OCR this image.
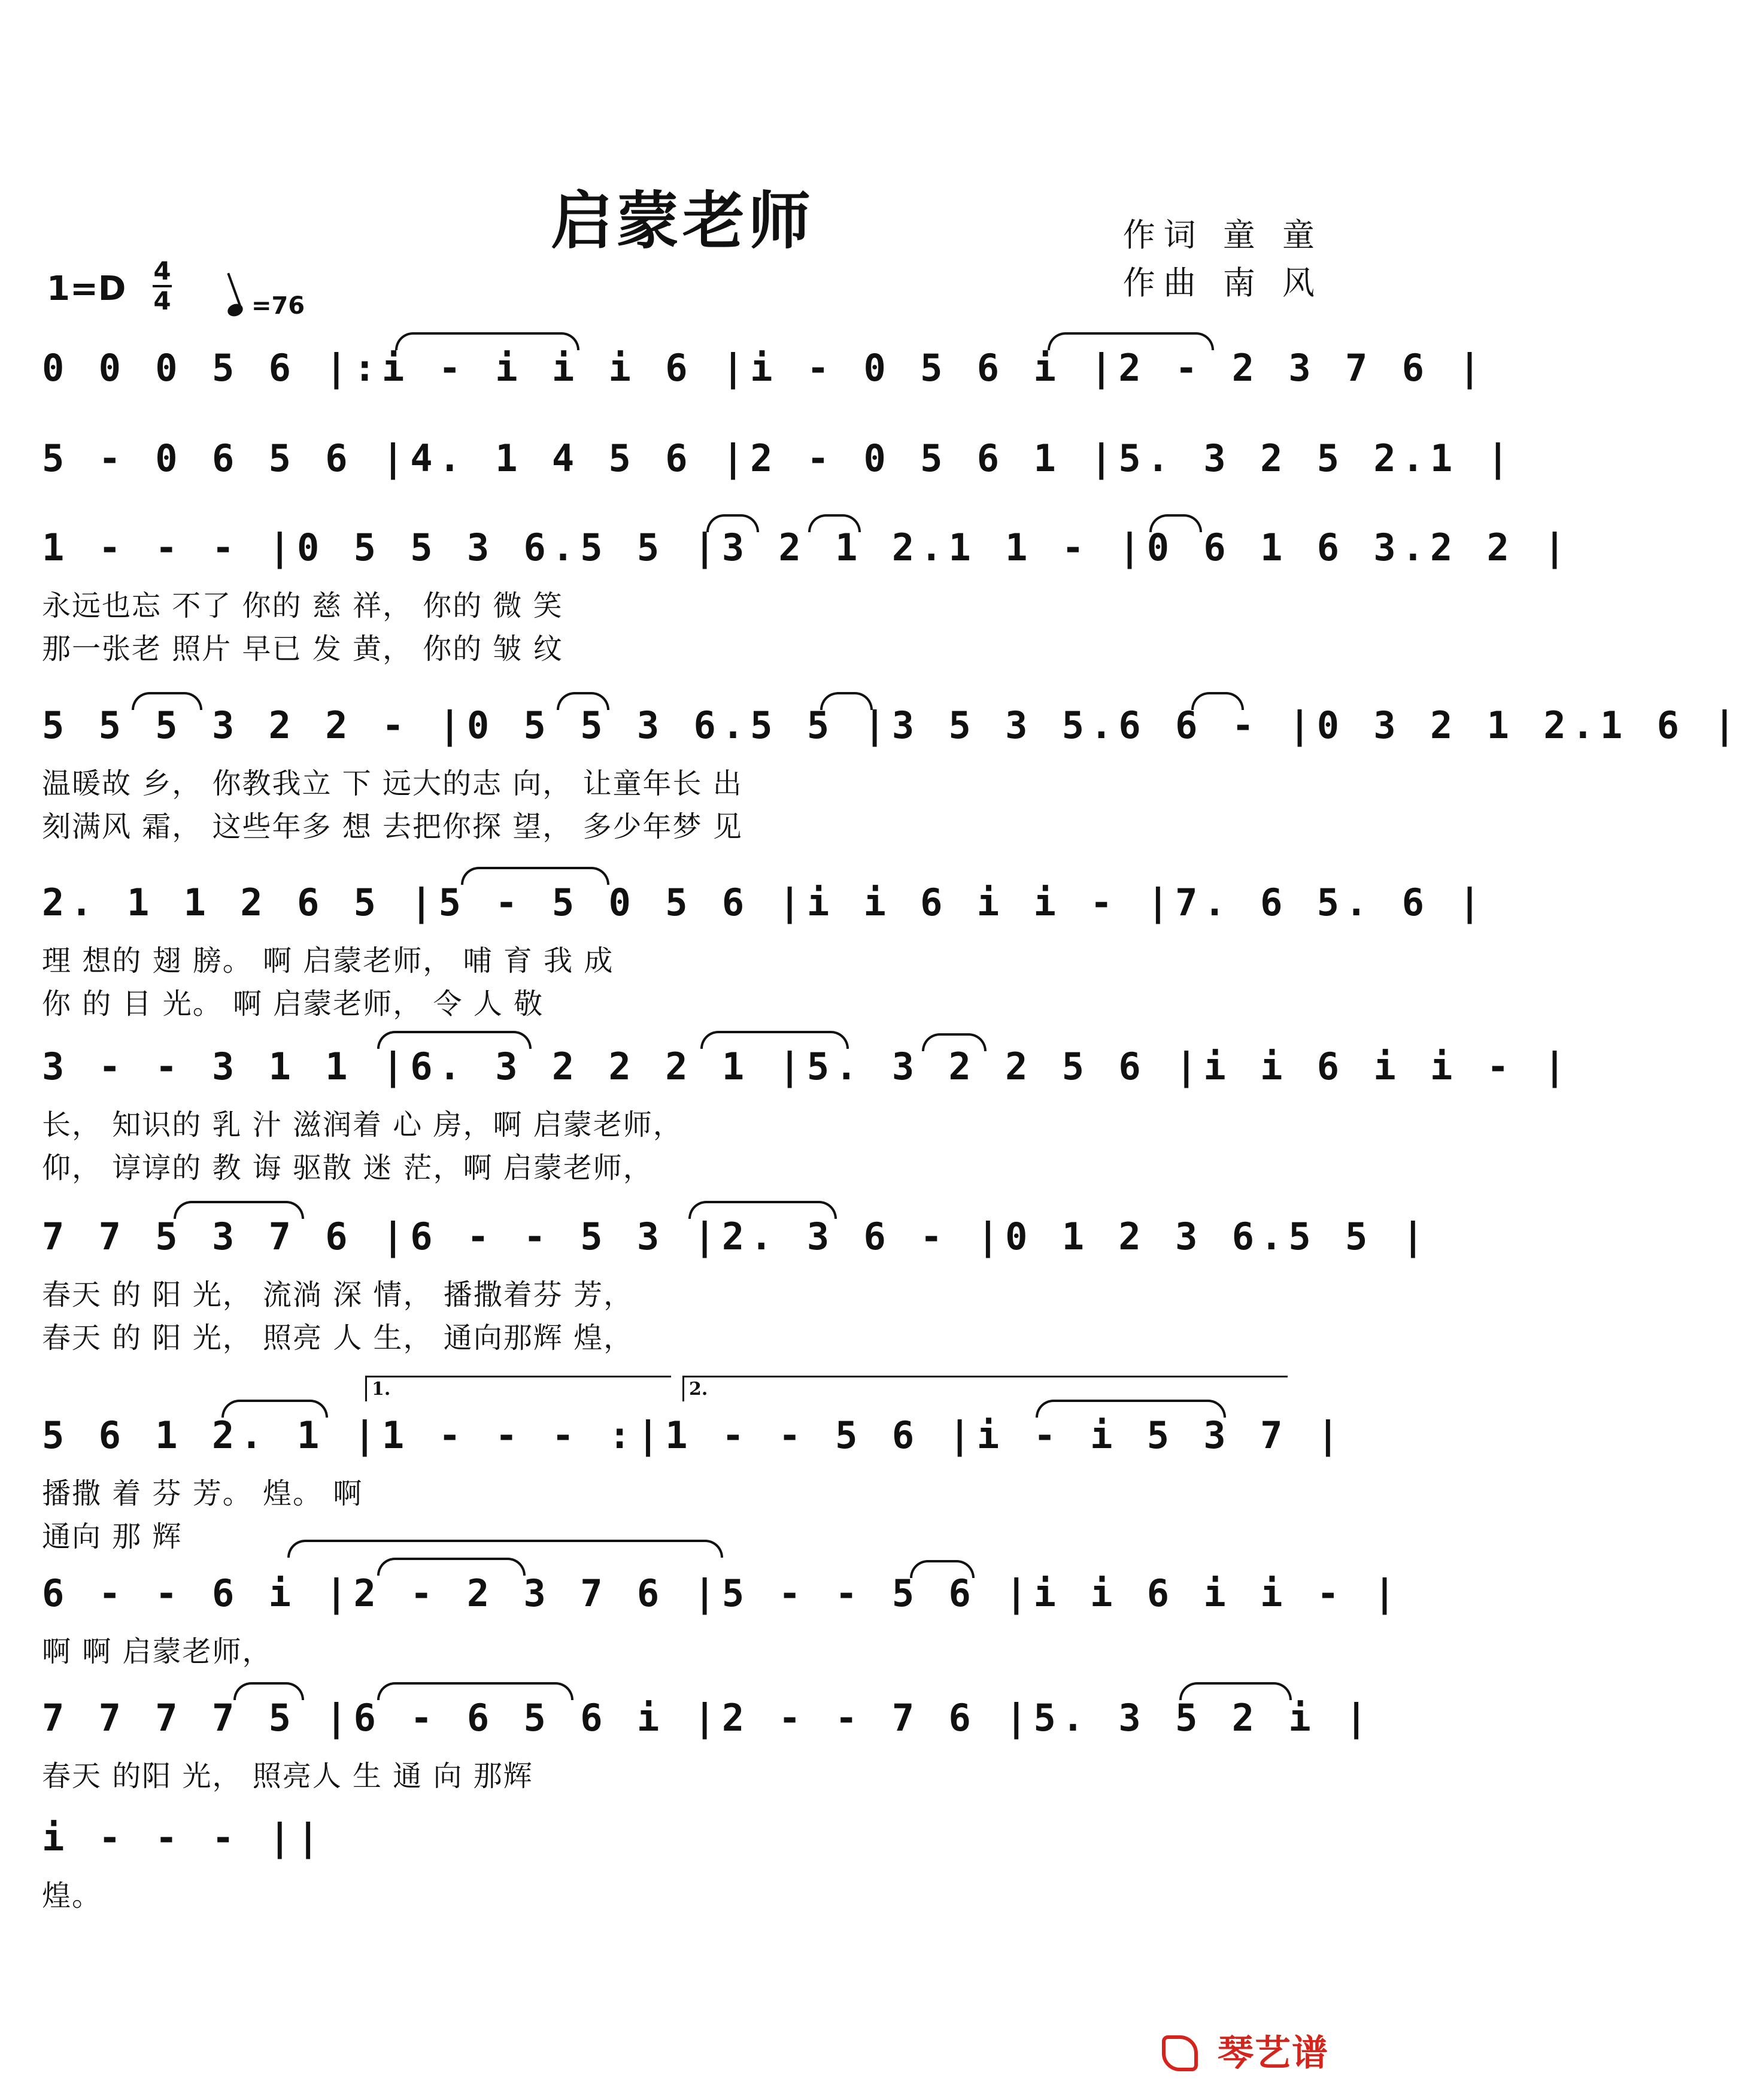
启蒙老师	作词 童 童
作曲 南 风
1=D 4
4	=76
0 0 0 5 6 |:i - i i i 6 |i - 0 5 6 i |2 - 2 3 7 6 |
5 - 0 6 5 6 |4. 1 4 5 6 |2 - 0 5 6 1 |5. 3 2 5 2.1 |
1 - - - |0 5 5 3 6.5 5 |3 2 1 2.1 1 - |0 6 1 6 3.2 2 |
永远也忘 不了 你的 慈 祥， 你的 微 笑
那一张老 照片 早已 发 黄， 你的 皱 纹
5 5 5 3 2 2 - |0 5 5 3 6.5 5 |3 5 3 5.6 6 - |0 3 2 1 2.1 6 |
温暖故 乡， 你教我立 下 远大的志 向， 让童年长 出
刻满风 霜， 这些年多 想 去把你探 望， 多少年梦 见
2. 1 1 2 6 5 |5 - 5 0 5 6 |i i 6 i i - |7. 6 5. 6 |
理 想的 翅 膀。 啊 启蒙老师， 哺 育 我 成
你 的 目 光。 啊 启蒙老师， 令 人 敬
3 - - 3 1 1 |6. 3 2 2 2 1 |5. 3 2 2 5 6 |i i 6 i i - |
长， 知识的 乳 汁 滋润着 心 房，啊 启蒙老师，
仰， 谆谆的 教 诲 驱散 迷 茫，啊 启蒙老师，
7 7 5 3 7 6 |6 - - 5 3 |2. 3 6 - |0 1 2 3 6.5 5 |
春天 的 阳 光， 流淌 深 情， 播撒着芬 芳，
春天 的 阳 光， 照亮 人 生， 通向那辉 煌，
1.	2.
5 6 1 2. 1 |1 - - - :|1 - - 5 6 |i - i 5 3 7 |
播撒 着 芬 芳。 煌。 啊
通向 那 辉
6 - - 6 i |2 - 2 3 7 6 |5 - - 5 6 |i i 6 i i - |
啊 啊 启蒙老师，
7 7 7 7 5 |6 - 6 5 6 i |2 - - 7 6 |5. 3 5 2 i |
春天 的阳 光， 照亮人 生 通 向 那辉
i - - - ||
煌。
琴艺谱
